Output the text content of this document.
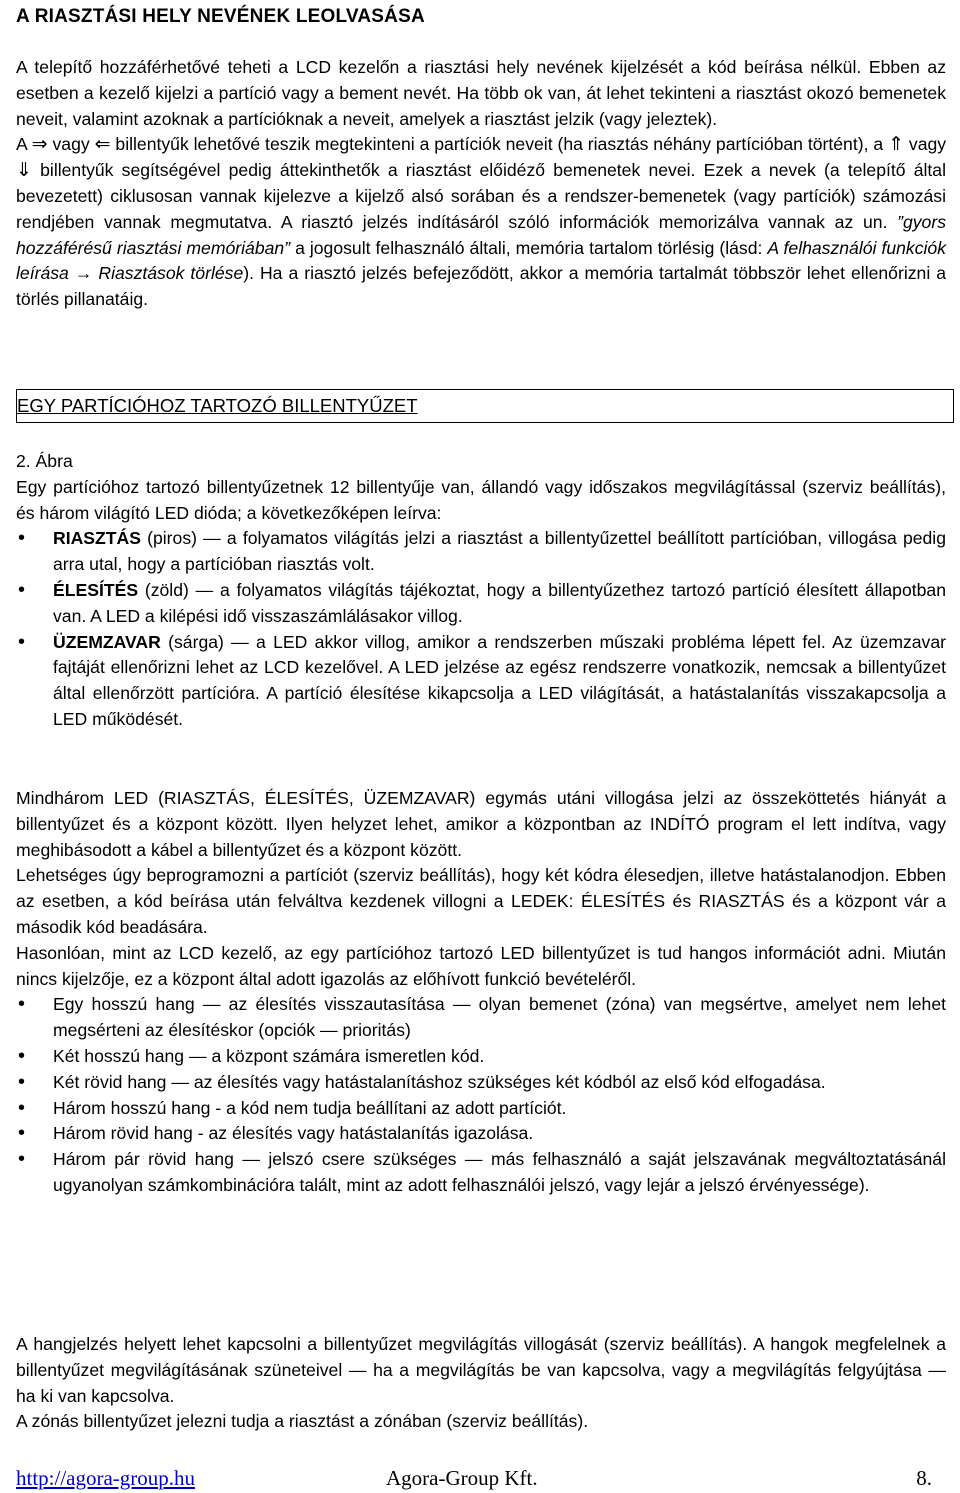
A RIASZTÁSI HELY NEVÉNEK LEOLVASÁSA

A telepítő hozzáférhetővé teheti a LCD kezelőn a riasztási hely nevének kijelzését a kód beírása nélkül. Ebben az esetben a kezelő kijelzi a partíció vagy a bement nevét. Ha több ok van, át lehet tekinteni a riasztást okozó bemenetek neveit, valamint azoknak a partícióknak a neveit, amelyek a riasztást jelzik (vagy jeleztek).

A ⇒ vagy ⇐ billentyűk lehetővé teszik megtekinteni a partíciók neveit (ha riasztás néhány partícióban történt), a ⇑ vagy ⇓ billentyűk segítségével pedig áttekinthetők a riasztást előidéző bemenetek nevei. Ezek a nevek (a telepítő által bevezetett) ciklusosan vannak kijelezve a kijelző alsó sorában és a rendszer-bemenetek (vagy partíciók) számozási rendjében vannak megmutatva. A riasztó jelzés indításáról szóló információk memorizálva vannak az un. ”gyors hozzáférésű riasztási memóriában” a jogosult felhasználó általi, memória tartalom törlésig (lásd: A felhasználói funkciók leírása → Riasztások törlése). Ha a riasztó jelzés befejeződött, akkor a memória tartalmát többször lehet ellenőrizni a törlés pillanatáig.

EGY PARTÍCIÓHOZ TARTOZÓ BILLENTYŰZET

2. Ábra

Egy partícióhoz tartozó billentyűzetnek 12 billentyűje van, állandó vagy időszakos megvilágítással (szerviz beállítás), és három világító LED dióda; a következőképen leírva:

• RIASZTÁS (piros) — a folyamatos világítás jelzi a riasztást a billentyűzettel beállított partícióban, villogása pedig arra utal, hogy a partícióban riasztás volt.
• ÉLESÍTÉS (zöld) — a folyamatos világítás tájékoztat, hogy a billentyűzethez tartozó partíció élesített állapotban van. A LED a kilépési idő visszaszámlálásakor villog.
• ÜZEMZAVAR (sárga) — a LED akkor villog, amikor a rendszerben műszaki probléma lépett fel. Az üzemzavar fajtáját ellenőrizni lehet az LCD kezelővel. A LED jelzése az egész rendszerre vonatkozik, nemcsak a billentyűzet által ellenőrzött partícióra. A partíció élesítése kikapcsolja a LED világítását, a hatástalanítás visszakapcsolja a LED működését.

Mindhárom LED (RIASZTÁS, ÉLESÍTÉS, ÜZEMZAVAR) egymás utáni villogása jelzi az összeköttetés hiányát a billentyűzet és a központ között. Ilyen helyzet lehet, amikor a központban az INDÍTÓ program el lett indítva, vagy meghibásodott a kábel a billentyűzet és a központ között.

Lehetséges úgy beprogramozni a partíciót (szerviz beállítás), hogy két kódra élesedjen, illetve hatástalanodjon. Ebben az esetben, a kód beírása után felváltva kezdenek villogni a LEDEK: ÉLESÍTÉS és RIASZTÁS és a központ vár a második kód beadására.

Hasonlóan, mint az LCD kezelő, az egy partícióhoz tartozó LED billentyűzet is tud hangos információt adni. Miután nincs kijelzője, ez a központ által adott igazolás az előhívott funkció bevételéről.

• Egy hosszú hang — az élesítés visszautasítása — olyan bemenet (zóna) van megsértve, amelyet nem lehet megsérteni az élesítéskor (opciók — prioritás)
• Két hosszú hang — a központ számára ismeretlen kód.
• Két rövid hang — az élesítés vagy hatástalanításhoz szükséges két kódból az első kód elfogadása.
• Három hosszú hang - a kód nem tudja beállítani az adott partíciót.
• Három rövid hang - az élesítés vagy hatástalanítás igazolása.
• Három pár rövid hang — jelszó csere szükséges — más felhasználó a saját jelszavának megváltoztatásánál ugyanolyan számkombinációra talált, mint az adott felhasználói jelszó, vagy lejár a jelszó érvényessége).

A hangjelzés helyett lehet kapcsolni a billentyűzet megvilágítás villogását (szerviz beállítás). A hangok megfelelnek a billentyűzet megvilágításának szüneteivel — ha a megvilágítás be van kapcsolva, vagy a megvilágítás felgyújtása — ha ki van kapcsolva.

A zónás billentyűzet jelezni tudja a riasztást a zónában (szerviz beállítás).

http://agora-group.hu	Agora-Group Kft.	8.
